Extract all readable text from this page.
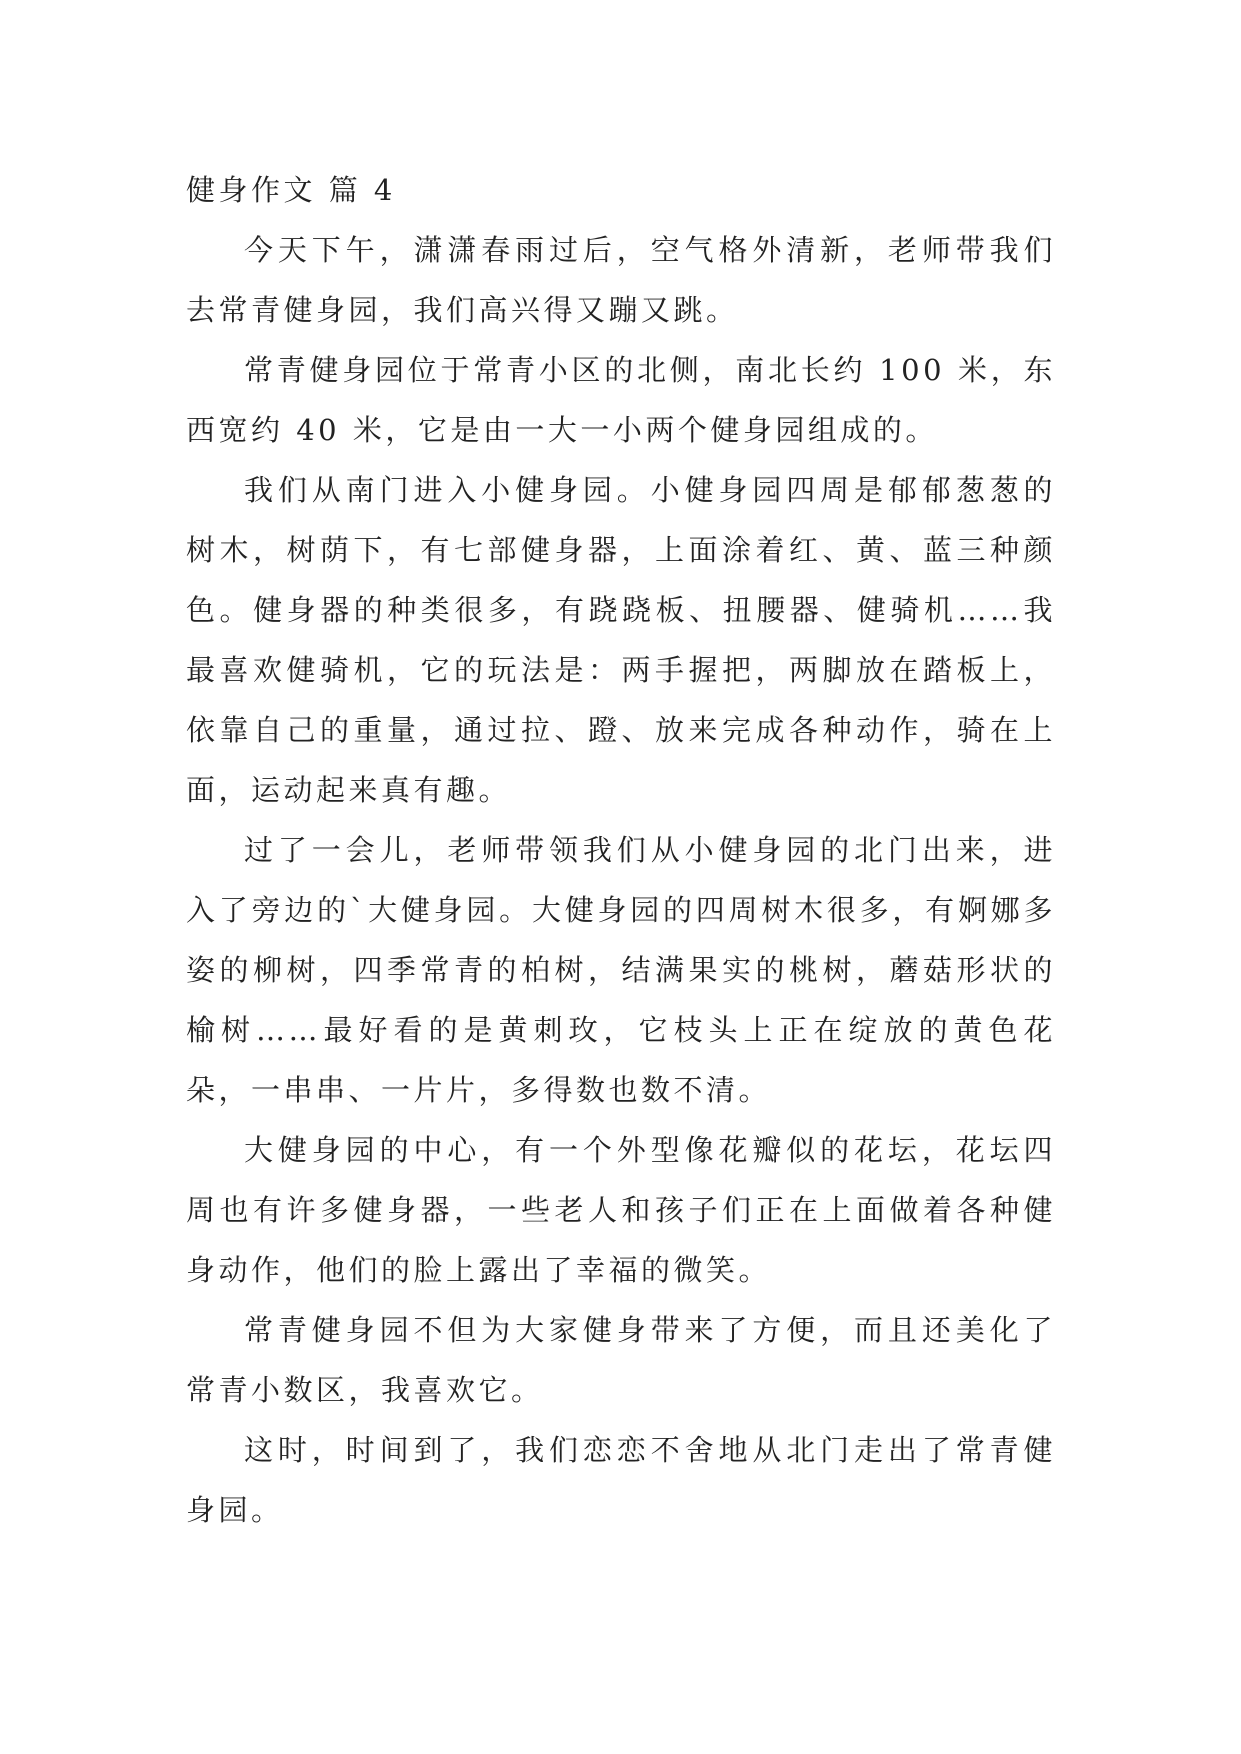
健身作文 篇 4

今天下午，潇潇春雨过后，空气格外清新，老师带我们去常青健身园，我们高兴得又蹦又跳。

常青健身园位于常青小区的北侧，南北长约 100 米，东西宽约 40 米，它是由一大一小两个健身园组成的。

我们从南门进入小健身园。小健身园四周是郁郁葱葱的树木，树荫下，有七部健身器，上面涂着红、黄、蓝三种颜色。健身器的种类很多，有跷跷板、扭腰器、健骑机……我最喜欢健骑机，它的玩法是：两手握把，两脚放在踏板上，依靠自己的重量，通过拉、蹬、放来完成各种动作，骑在上面，运动起来真有趣。

过了一会儿，老师带领我们从小健身园的北门出来，进入了旁边的`大健身园。大健身园的四周树木很多，有婀娜多姿的柳树，四季常青的柏树，结满果实的桃树，蘑菇形状的榆树……最好看的是黄刺玫，它枝头上正在绽放的黄色花朵，一串串、一片片，多得数也数不清。

大健身园的中心，有一个外型像花瓣似的花坛，花坛四周也有许多健身器，一些老人和孩子们正在上面做着各种健身动作，他们的脸上露出了幸福的微笑。

常青健身园不但为大家健身带来了方便，而且还美化了常青小数区，我喜欢它。

这时，时间到了，我们恋恋不舍地从北门走出了常青健身园。
